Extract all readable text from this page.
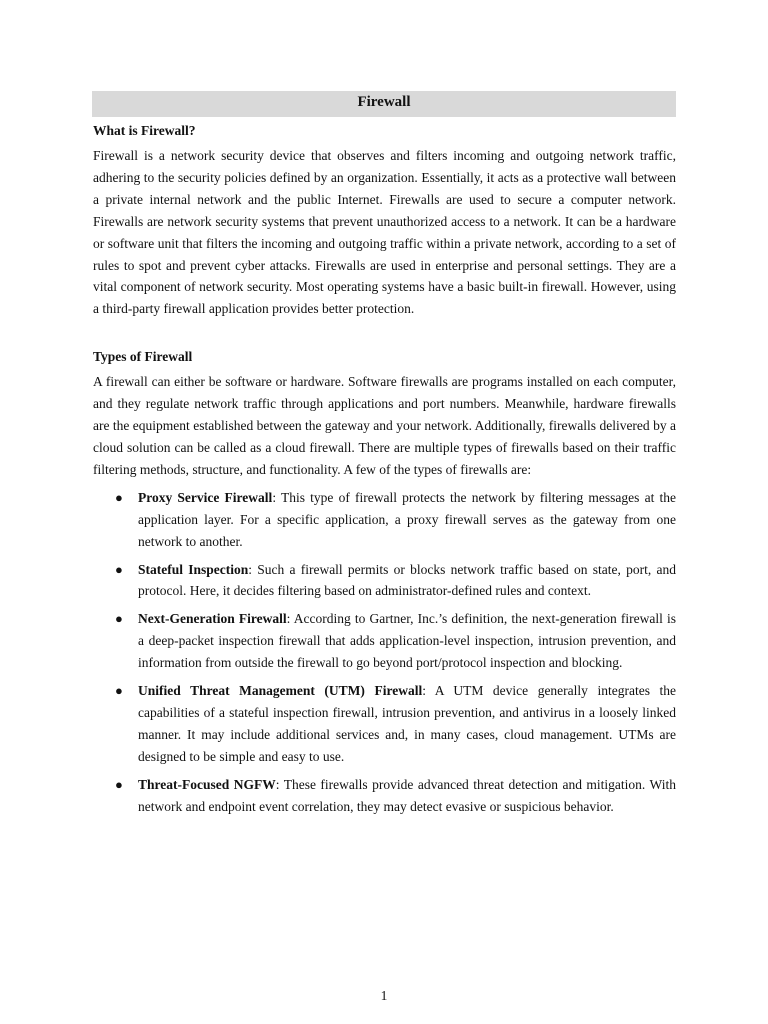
Firewall
What is Firewall?

Firewall is a network security device that observes and filters incoming and outgoing network traffic, adhering to the security policies defined by an organization. Essentially, it acts as a protective wall between a private internal network and the public Internet. Firewalls are used to secure a computer network. Firewalls are network security systems that prevent unauthorized access to a network. It can be a hardware or software unit that filters the incoming and outgoing traffic within a private network, according to a set of rules to spot and prevent cyber attacks. Firewalls are used in enterprise and personal settings. They are a vital component of network security. Most operating systems have a basic built-in firewall. However, using a third-party firewall application provides better protection.

Types of Firewall

A firewall can either be software or hardware. Software firewalls are programs installed on each computer, and they regulate network traffic through applications and port numbers. Meanwhile, hardware firewalls are the equipment established between the gateway and your network. Additionally, firewalls delivered by a cloud solution can be called as a cloud firewall. There are multiple types of firewalls based on their traffic filtering methods, structure, and functionality. A few of the types of firewalls are:

● Proxy Service Firewall: This type of firewall protects the network by filtering messages at the application layer. For a specific application, a proxy firewall serves as the gateway from one network to another.
● Stateful Inspection: Such a firewall permits or blocks network traffic based on state, port, and protocol. Here, it decides filtering based on administrator-defined rules and context.
● Next-Generation Firewall: According to Gartner, Inc.’s definition, the next-generation firewall is a deep-packet inspection firewall that adds application-level inspection, intrusion prevention, and information from outside the firewall to go beyond port/protocol inspection and blocking.
● Unified Threat Management (UTM) Firewall: A UTM device generally integrates the capabilities of a stateful inspection firewall, intrusion prevention, and antivirus in a loosely linked manner. It may include additional services and, in many cases, cloud management. UTMs are designed to be simple and easy to use.
● Threat-Focused NGFW: These firewalls provide advanced threat detection and mitigation. With network and endpoint event correlation, they may detect evasive or suspicious behavior.
1
